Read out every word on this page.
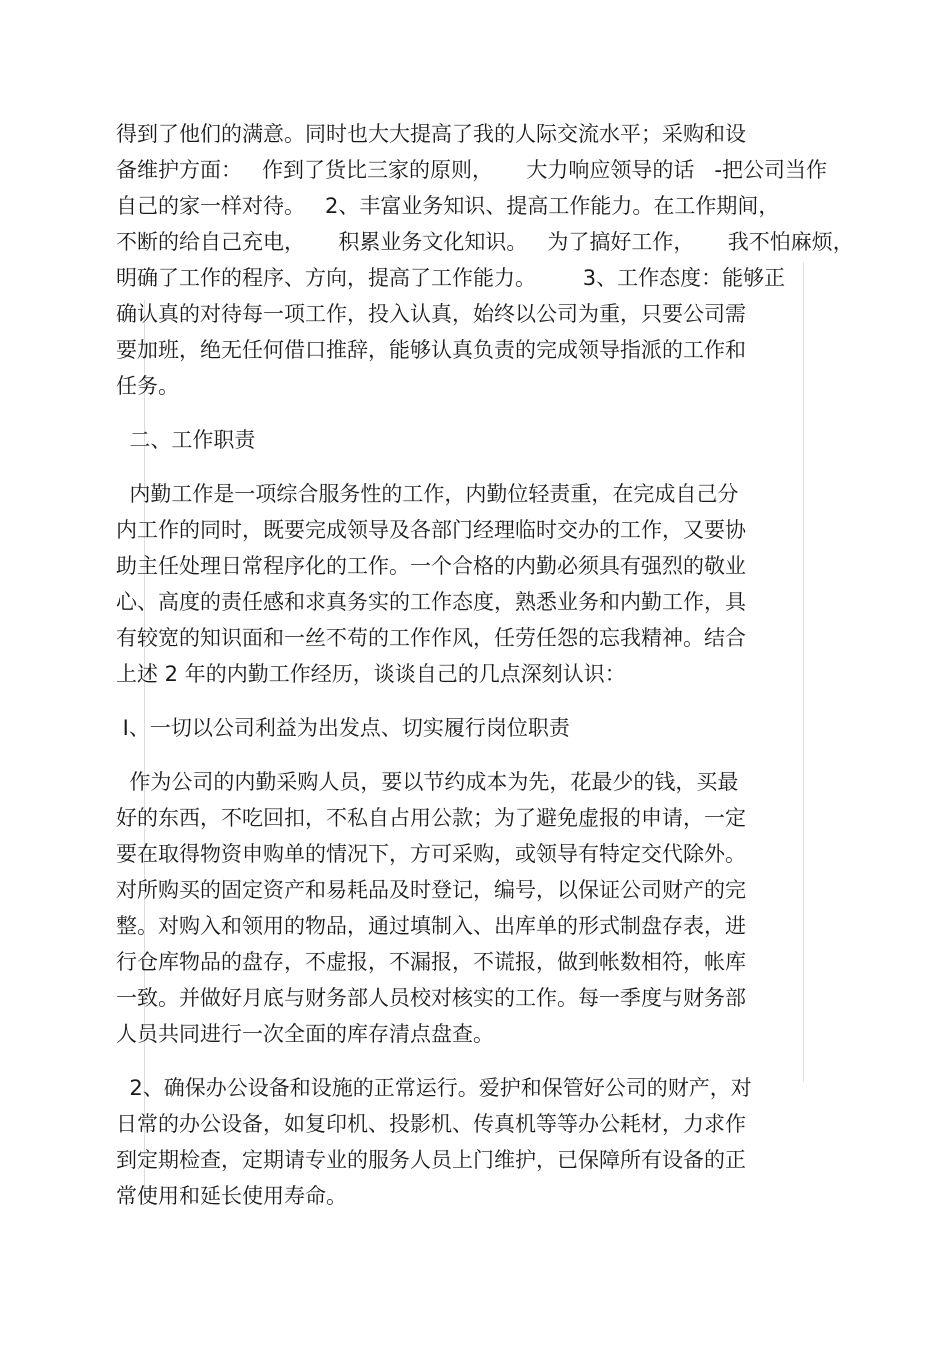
得到了他们的满意。同时也大大提高了我的人际交流水平；采购和设
备维护方面：   作到了货比三家的原则，     大力响应领导的话   -把公司当作
自己的家一样对待。   2、丰富业务知识、提高工作能力。在工作期间，
不断的给自己充电，     积累业务文化知识。   为了搞好工作，     我不怕麻烦，
明确了工作的程序、方向，提高了工作能力。       3、工作态度：能够正
确认真的对待每一项工作，投入认真，始终以公司为重，只要公司需
要加班，绝无任何借口推辞，能够认真负责的完成领导指派的工作和
任务。
二、工作职责
内勤工作是一项综合服务性的工作，内勤位轻责重，在完成自己分
内工作的同时，既要完成领导及各部门经理临时交办的工作，又要协
助主任处理日常程序化的工作。一个合格的内勤必须具有强烈的敬业
心、高度的责任感和求真务实的工作态度，熟悉业务和内勤工作，具
有较宽的知识面和一丝不苟的工作作风，任劳任怨的忘我精神。结合
上述 2 年的内勤工作经历，谈谈自己的几点深刻认识：
I、一切以公司利益为出发点、切实履行岗位职责
作为公司的内勤采购人员，要以节约成本为先，花最少的钱，买最
好的东西，不吃回扣，不私自占用公款；为了避免虚报的申请，一定
要在取得物资申购单的情况下，方可采购，或领导有特定交代除外。
对所购买的固定资产和易耗品及时登记，编号，以保证公司财产的完
整。对购入和领用的物品，通过填制入、出库单的形式制盘存表，进
行仓库物品的盘存，不虚报，不漏报，不谎报，做到帐数相符，帐库
一致。并做好月底与财务部人员校对核实的工作。每一季度与财务部
人员共同进行一次全面的库存清点盘查。
2、确保办公设备和设施的正常运行。爱护和保管好公司的财产，对
日常的办公设备，如复印机、投影机、传真机等等办公耗材，力求作
到定期检查，定期请专业的服务人员上门维护，已保障所有设备的正
常使用和延长使用寿命。
